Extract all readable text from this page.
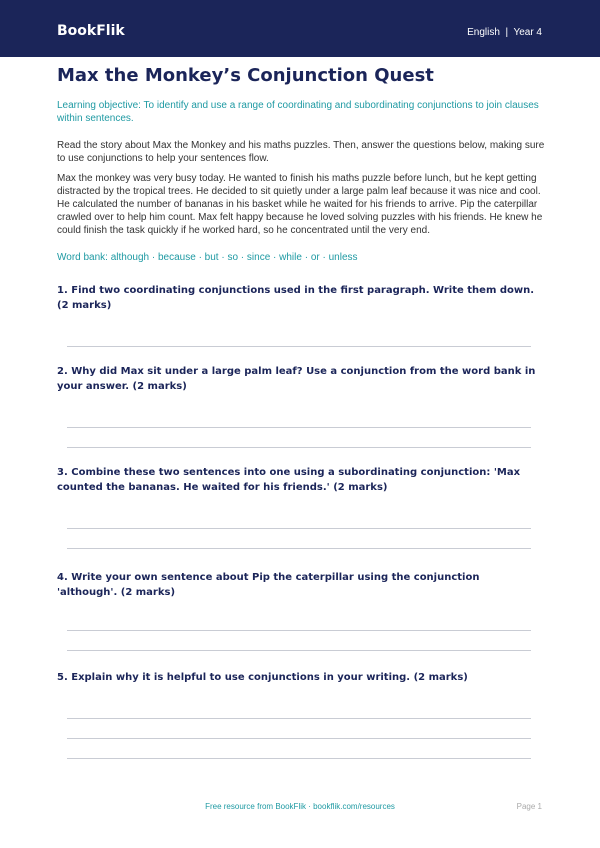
BookFlik	English  |  Year 4
Max the Monkey’s Conjunction Quest

Learning objective: To identify and use a range of coordinating and subordinating conjunctions to join clauses within sentences.

Read the story about Max the Monkey and his maths puzzles. Then, answer the questions below, making sure to use conjunctions to help your sentences flow.

Max the monkey was very busy today. He wanted to finish his maths puzzle before lunch, but he kept getting distracted by the tropical trees. He decided to sit quietly under a large palm leaf because it was nice and cool. He calculated the number of bananas in his basket while he waited for his friends to arrive. Pip the caterpillar crawled over to help him count. Max felt happy because he loved solving puzzles with his friends. He knew he could finish the task quickly if he worked hard, so he concentrated until the very end.

Word bank: although · because · but · so · since · while · or · unless

1. Find two coordinating conjunctions used in the first paragraph. Write them down. (2 marks)
2. Why did Max sit under a large palm leaf? Use a conjunction from the word bank in your answer. (2 marks)
3. Combine these two sentences into one using a subordinating conjunction: 'Max counted the bananas. He waited for his friends.' (2 marks)
4. Write your own sentence about Pip the caterpillar using the conjunction 'although'. (2 marks)
5. Explain why it is helpful to use conjunctions in your writing. (2 marks)
Free resource from BookFlik · bookflik.com/resources	Page 1
